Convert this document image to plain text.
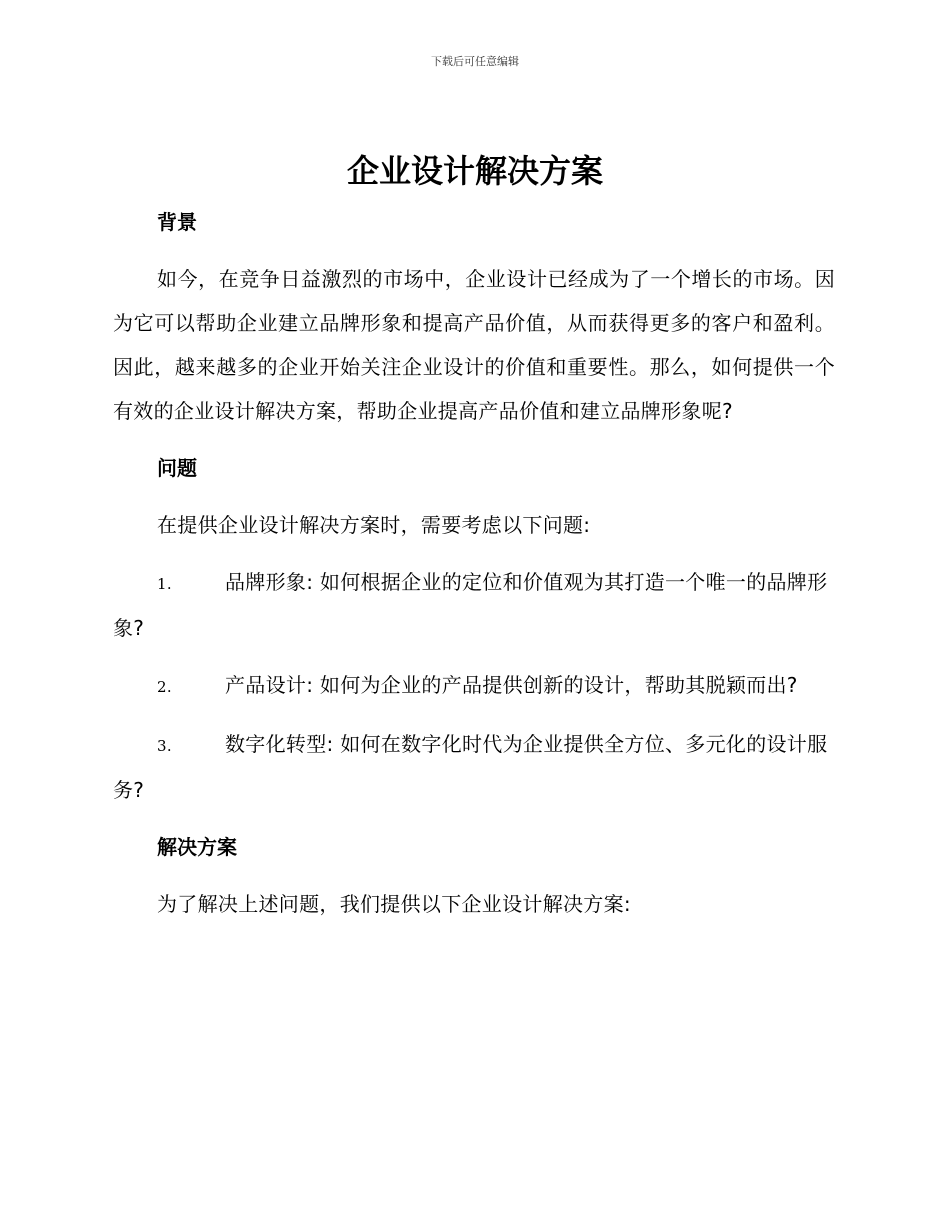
下载后可任意编辑
企业设计解决方案
背景

如今，在竞争日益激烈的市场中，企业设计已经成为了一个增长的市场。因为它可以帮助企业建立品牌形象和提高产品价值，从而获得更多的客户和盈利。因此，越来越多的企业开始关注企业设计的价值和重要性。那么，如何提供一个有效的企业设计解决方案，帮助企业提高产品价值和建立品牌形象呢?

问题

在提供企业设计解决方案时，需要考虑以下问题:

1.	品牌形象: 如何根据企业的定位和价值观为其打造一个唯一的品牌形象?

2.	产品设计: 如何为企业的产品提供创新的设计，帮助其脱颖而出?

3.	数字化转型: 如何在数字化时代为企业提供全方位、多元化的设计服务?

解决方案

为了解决上述问题，我们提供以下企业设计解决方案:
